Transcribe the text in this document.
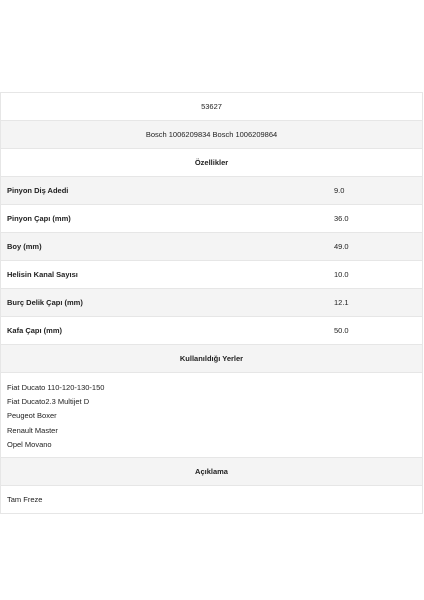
53627
Bosch 1006209834 Bosch 1006209864
Özellikler
Pinyon Diş Adedi	9.0
Pinyon Çapı (mm)	36.0
Boy (mm)	49.0
Helisin Kanal Sayısı	10.0
Burç Delik Çapı (mm)	12.1
Kafa Çapı (mm)	50.0
Kullanıldığı Yerler
Fiat Ducato 110-120-130-150
Fiat Ducato2.3 Multijet D
Peugeot Boxer
Renault Master
Opel Movano
Açıklama
Tam Freze
